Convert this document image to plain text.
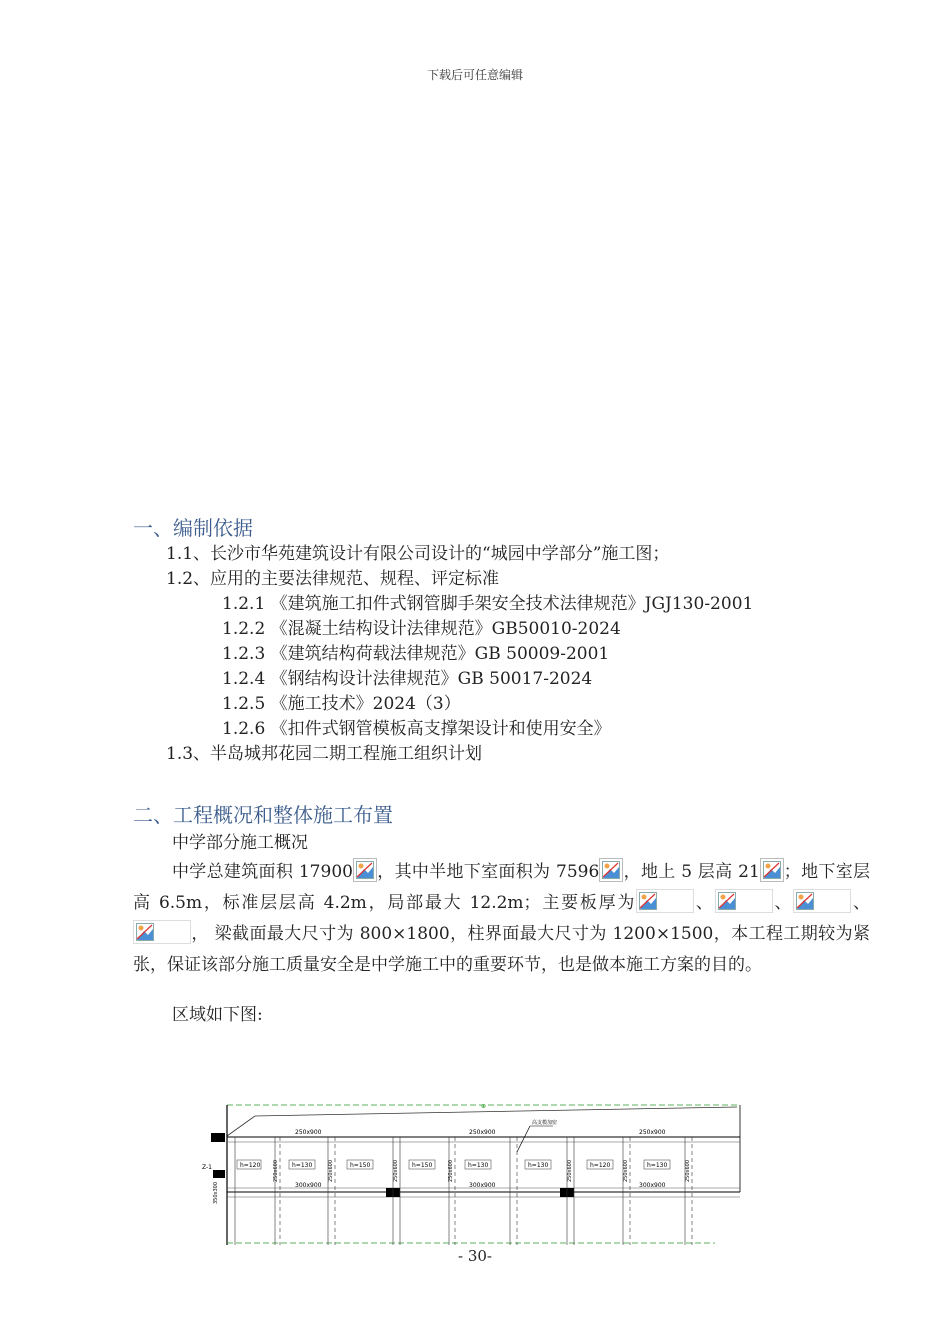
下载后可任意编辑
一、编制依据
1.1、长沙市华苑建筑设计有限公司设计的“城园中学部分”施工图；
1.2、应用的主要法律规范、规程、评定标准
1.2.1 《建筑施工扣件式钢管脚手架安全技术法律规范》JGJ130-2001
1.2.2 《混凝土结构设计法律规范》GB50010-2024
1.2.3 《建筑结构荷载法律规范》GB 50009-2001
1.2.4 《钢结构设计法律规范》GB 50017-2024
1.2.5 《施工技术》2024（3）
1.2.6 《扣件式钢管模板高支撑架设计和使用安全》
1.3、半岛城邦花园二期工程施工组织计划
二、工程概况和整体施工布置
中学部分施工概况
中学总建筑面积 17900 ，其中半地下室面积为 7596 ，地上 5 层高 21 ；地下室层高 6.5m，标准层层高 4.2m，局部最大 12.2m；主要板厚为	、	、	、
， 梁截面最大尺寸为 800×1800，柱界面最大尺寸为 1200×1500，本工程工期较为紧张，保证该部分施工质量安全是中学施工中的重要环节，也是做本施工方案的目的。
区域如下图:
⊕
250x900	250x900	250x900
300x900	300x900	300x900
h=120	h=130	h=150	h=150	h=130	h=130	h=120	h=130
250x600	250x600	250x600	250x600	250x600	250x600	250x600
350x300
Z-1
高支模加密
- 30-
